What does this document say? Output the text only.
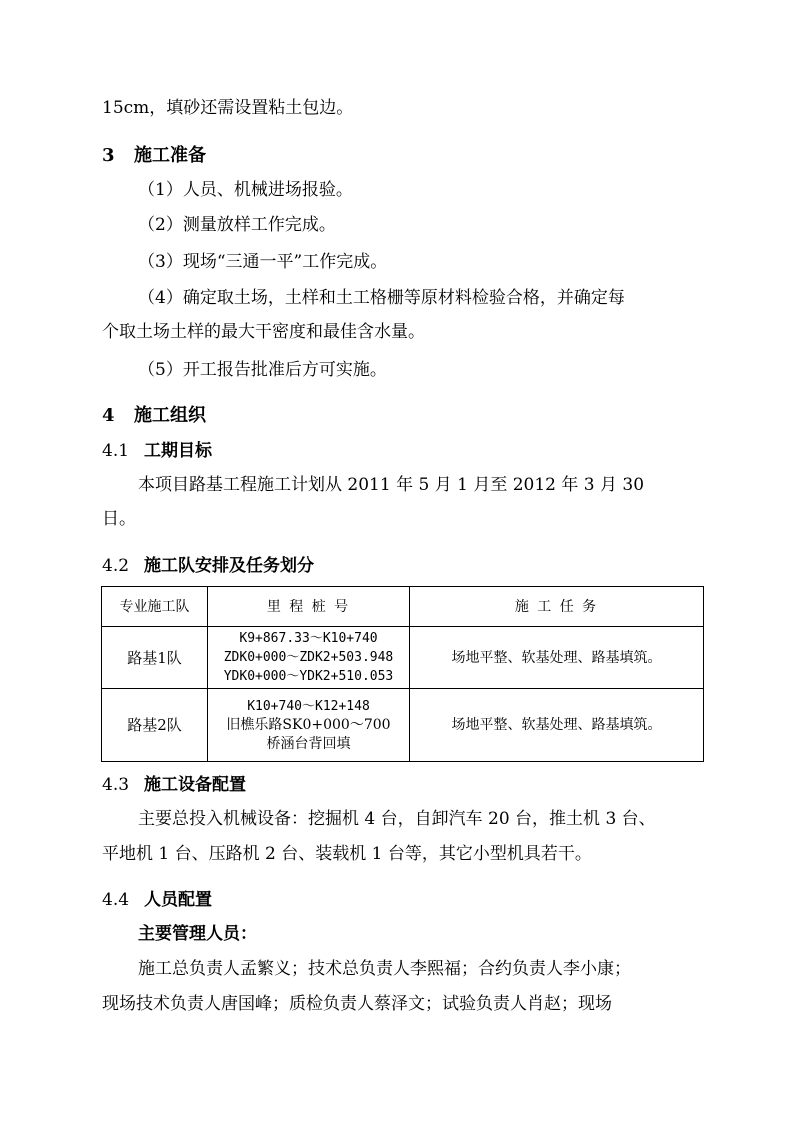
15cm，填砂还需设置粘土包边。
3 施工准备
（1）人员、机械进场报验。
（2）测量放样工作完成。
（3）现场“三通一平”工作完成。
（4）确定取土场，土样和土工格栅等原材料检验合格，并确定每
个取土场土样的最大干密度和最佳含水量。
（5）开工报告批准后方可实施。
4 施工组织
4.1 工期目标
本项目路基工程施工计划从 2011 年 5 月 1 月至 2012 年 3 月 30
日。
4.2 施工队安排及任务划分
专业施工队	里 程 桩 号	施 工 任 务
路基1队	K9+867.33～K10+740
ZDK0+000～ZDK2+503.948
YDK0+000～YDK2+510.053	场地平整、软基处理、路基填筑。
路基2队	K10+740～K12+148
旧樵乐路SK0+000～700
桥涵台背回填	场地平整、软基处理、路基填筑。
4.3 施工设备配置
主要总投入机械设备：挖掘机 4 台，自卸汽车 20 台，推土机 3 台、
平地机 1 台、压路机 2 台、装载机 1 台等，其它小型机具若干。
4.4 人员配置
主要管理人员：
施工总负责人孟繁义；技术总负责人李熙福；合约负责人李小康；
现场技术负责人唐国峰；质检负责人蔡泽文；试验负责人肖赵；现场
